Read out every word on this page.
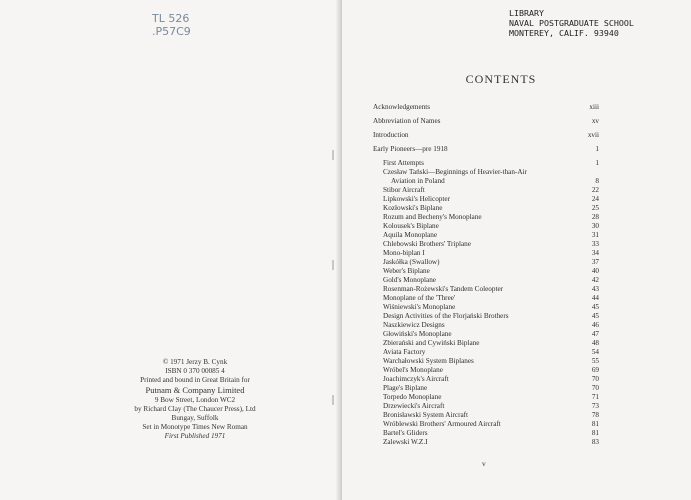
TL 526
.P57C9
© 1971 Jerzy B. Cynk
ISBN 0 370 00085 4
Printed and bound in Great Britain for
Putnam & Company Limited
9 Bow Street, London WC2
by Richard Clay (The Chaucer Press), Ltd
Bungay, Suffolk
Set in Monotype Times New Roman
First Published 1971
LIBRARY
NAVAL POSTGRADUATE SCHOOL
MONTEREY, CALIF. 93940
CONTENTS
Acknowledgements	xiii
Abbreviation of Names	xv
Introduction	xvii
Early Pioneers—pre 1918	1
First Attempts	1
Czesław Tański—Beginnings of Heavier-than-Air
Aviation in Poland	8
Stibor Aircraft	22
Lipkowski's Helicopter	24
Kozłowski's Biplane	25
Rozum and Becheny's Monoplane	28
Kolousek's Biplane	30
Aquila Monoplane	31
Chlebowski Brothers' Triplane	33
Mono-biplan I	34
Jaskółka (Swallow)	37
Weber's Biplane	40
Gold's Monoplane	42
Rosenman-Rożewski's Tandem Coleopter	43
Monoplane of the 'Three'	44
Wiśniewski's Monoplane	45
Design Activities of the Florjański Brothers	45
Naszkiewicz Designs	46
Głowiński's Monoplane	47
Zbierański and Cywiński Biplane	48
Aviata Factory	54
Warchałowski System Biplanes	55
Wróbel's Monoplane	69
Joachimczyk's Aircraft	70
Plage's Biplane	70
Torpedo Monoplane	71
Drzewiecki's Aircraft	73
Bronisławski System Aircraft	78
Wróblewski Brothers' Armoured Aircraft	81
Bartel's Gliders	81
Zalewski W.Z.I	83
v
